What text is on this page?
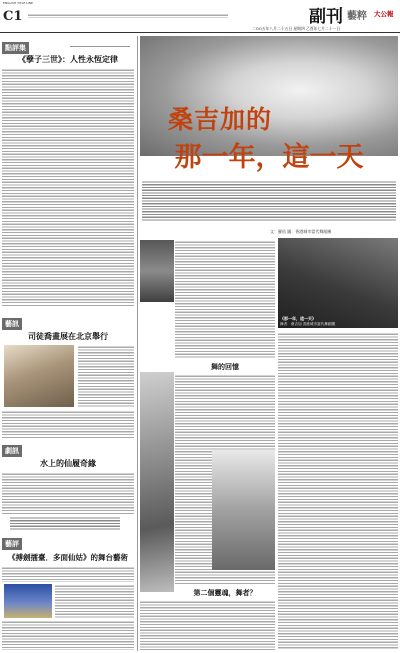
ENGLISH TITLE LINE
C1	副刊 藝粹 大公報
二OO五年八月二十五日 星期四 乙酉年七月二十一日
點評集
《孽子三世》：人性永恆定律
藝訊
司徒喬畫展在北京舉行
劇訊
水上的仙履奇緣
藝評
《搏劍擂臺．多面仙姑》的舞台藝術
桑吉加的
那一年，這一天
文：羅依 圖：香港城市當代舞蹈團
《那一年，這一天》
舞者：桑吉加 香港城市當代舞蹈團
舞的回憶
第二個靈魂，舞者？
